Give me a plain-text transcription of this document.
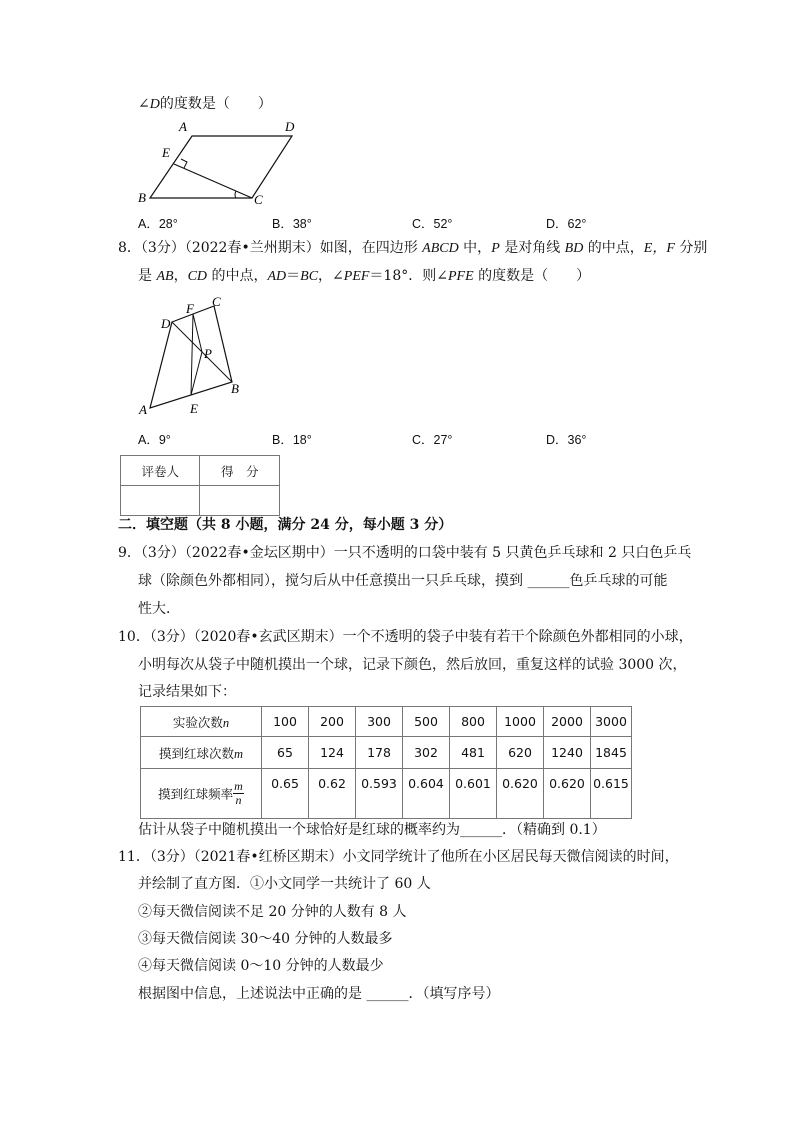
∠D的度数是（　　）
A	D
E
B	C
A．28°	B．38°	C．52°	D．62°
8．（3分）（2022春•兰州期末）如图，在四边形 ABCD 中，P 是对角线 BD 的中点，E，F 分别
是 AB，CD 的中点，AD＝BC，∠PEF＝18°．则∠PFE 的度数是（　　）
D
F C
P
B
A	E
A．9°	B．18°	C．27°	D．36°
评卷人	得　分

二．填空题（共 8 小题，满分 24 分，每小题 3 分）
9．（3分）（2022春•金坛区期中）一只不透明的口袋中装有 5 只黄色乒乓球和 2 只白色乒乓
球（除颜色外都相同），搅匀后从中任意摸出一只乒乓球，摸到 ______色乒乓球的可能
性大．
10．（3分）（2020春•玄武区期末）一个不透明的袋子中装有若干个除颜色外都相同的小球，
小明每次从袋子中随机摸出一个球，记录下颜色，然后放回，重复这样的试验 3000 次，
记录结果如下：
实验次数n	100	200	300	500	800	1000	2000	3000
摸到红球次数m	65	124	178	302	481	620	1240	1845
摸到红球频率 $\frac{m}{n}$	0.65	0.62	0.593	0.604	0.601	0.620	0.620	0.615
估计从袋子中随机摸出一个球恰好是红球的概率约为______．（精确到 0.1）
11．（3分）（2021春•红桥区期末）小文同学统计了他所在小区居民每天微信阅读的时间，
并绘制了直方图．①小文同学一共统计了 60 人
②每天微信阅读不足 20 分钟的人数有 8 人
③每天微信阅读 30～40 分钟的人数最多
④每天微信阅读 0～10 分钟的人数最少
根据图中信息，上述说法中正确的是 ______．（填写序号）
